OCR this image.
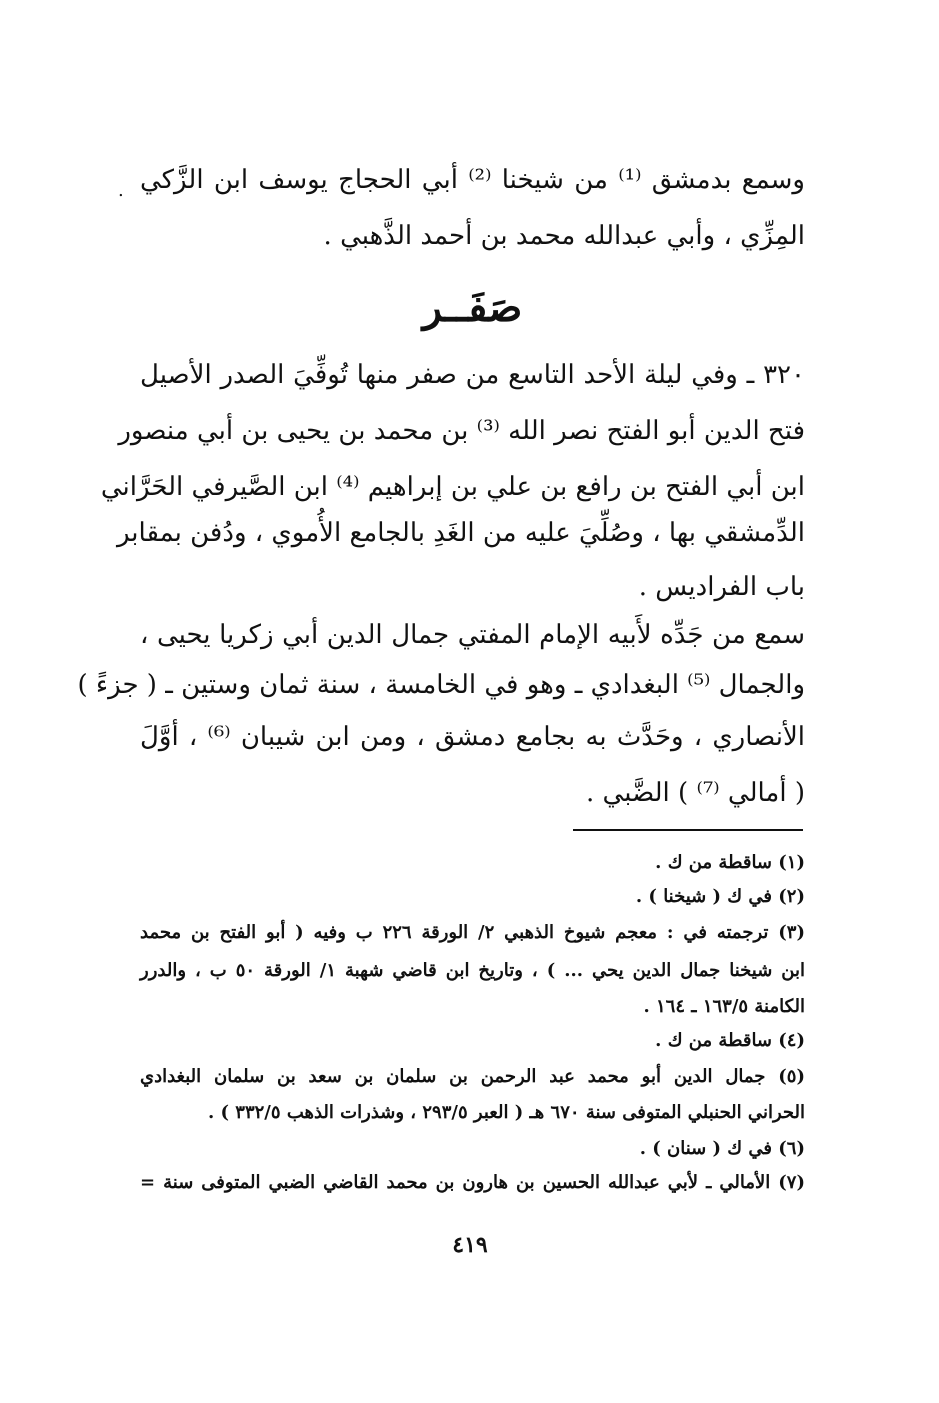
. وسمع بدمشق ⁽¹⁾ من شيخنا ⁽²⁾ أبي الحجاج يوسف ابن الزَّكي
المِزِّي ، وأبي عبدالله محمد بن أحمد الذَّهبي .
صَفَــر
٣٢٠ ـ وفي ليلة الأحد التاسع من صفر منها تُوفِّيَ الصدر الأصيل
فتح الدين أبو الفتح نصر الله ⁽³⁾ بن محمد بن يحيى بن أبي منصور
ابن أبي الفتح بن رافع بن علي بن إبراهيم ⁽⁴⁾ ابن الصَّيرفي الحَرَّاني
الدِّمشقي بها ، وصُلِّيَ عليه من الغَدِ بالجامع الأُموي ، ودُفن بمقابر
باب الفراديس .
سمع من جَدِّه لأَبيه الإمام المفتي جمال الدين أبي زكريا يحيى ،
والجمال ⁽⁵⁾ البغدادي ـ وهو في الخامسة ، سنة ثمان وستين ـ ( جزءً )
الأنصاري ، وحَدَّث به بجامع دمشق ، ومن ابن شيبان ⁽⁶⁾ ، أوَّلَ
( أمالي ⁽⁷⁾ ) الضَّبي .
(١) ساقطة من ك .
(٢) في ك ( شيخنا ) .
(٣) ترجمته في : معجم شيوخ الذهبي ٢/ الورقة ٢٢٦ ب وفيه ( أبو الفتح بن محمد
ابن شيخنا جمال الدين يحي ... ) ، وتاريخ ابن قاضي شهبة ١/ الورقة ٥٠ ب ، والدرر
الكامنة ١٦٣/٥ ـ ١٦٤ .
(٤) ساقطة من ك .
(٥) جمال الدين أبو محمد عبد الرحمن بن سلمان بن سعد بن سلمان البغدادي
الحراني الحنبلي المتوفى سنة ٦٧٠ هـ ( العبر ٢٩٣/٥ ، وشذرات الذهب ٣٣٢/٥ ) .
(٦) في ك ( سنان ) .
(٧) الأمالي ـ لأبي عبدالله الحسين بن هارون بن محمد القاضي الضبي المتوفى سنة =
٤١٩
